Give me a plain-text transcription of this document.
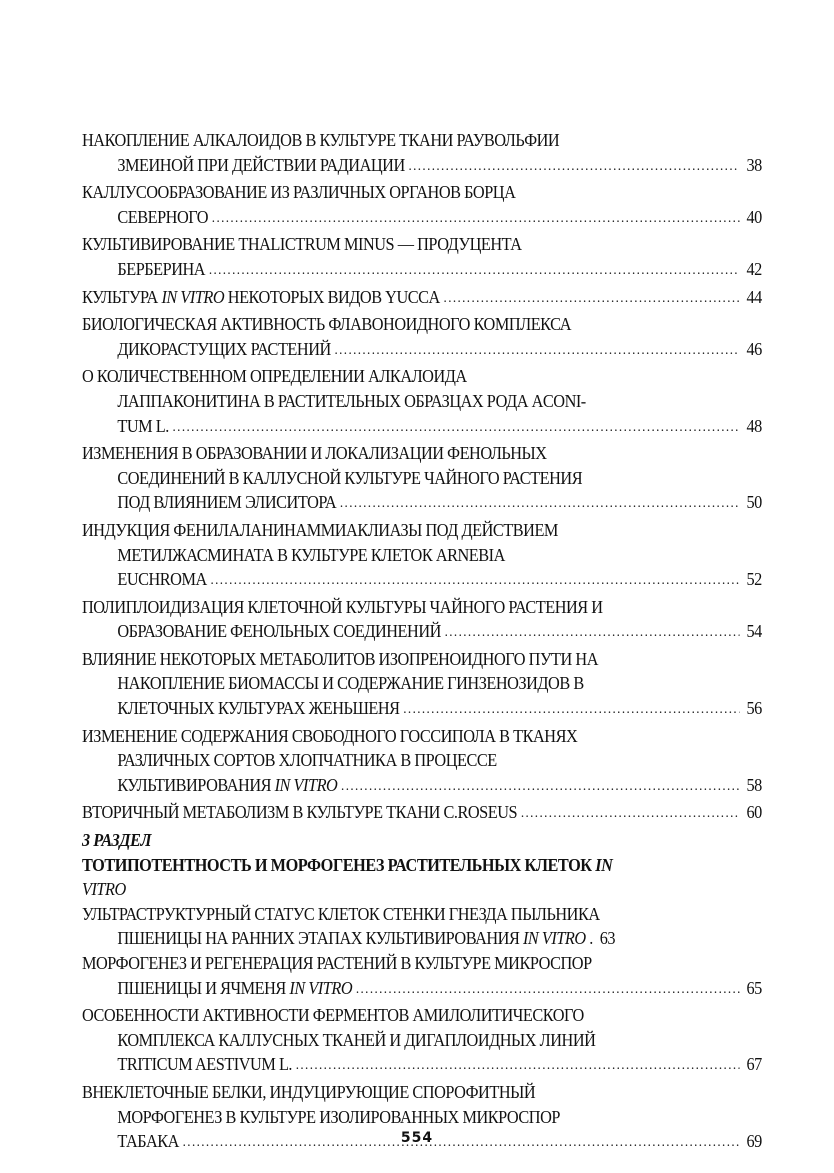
НАКОПЛЕНИЕ АЛКАЛОИДОВ В КУЛЬТУРЕ ТКАНИ РАУВОЛЬФИИ
ЗМЕИНОЙ ПРИ ДЕЙСТВИИ РАДИАЦИИ .....	38
КАЛЛУСООБРАЗОВАНИЕ ИЗ РАЗЛИЧНЫХ ОРГАНОВ БОРЦА
СЕВЕРНОГО .....	40
КУЛЬТИВИРОВАНИЕ THALICTRUM MINUS — ПРОДУЦЕНТА
БЕРБЕРИНА .....	42
КУЛЬТУРА IN VITRO НЕКОТОРЫХ ВИДОВ YUCCA .....	44
БИОЛОГИЧЕСКАЯ АКТИВНОСТЬ ФЛАВОНОИДНОГО КОМПЛЕКСА
ДИКОРАСТУЩИХ РАСТЕНИЙ .....	46
О КОЛИЧЕСТВЕННОМ ОПРЕДЕЛЕНИИ АЛКАЛОИДА
ЛАППАКОНИТИНА В РАСТИТЕЛЬНЫХ ОБРАЗЦАХ РОДА ACONI-
TUM L. .....	48
ИЗМЕНЕНИЯ В ОБРАЗОВАНИИ И ЛОКАЛИЗАЦИИ ФЕНОЛЬНЫХ
СОЕДИНЕНИЙ В КАЛЛУСНОЙ КУЛЬТУРЕ ЧАЙНОГО РАСТЕНИЯ
ПОД ВЛИЯНИЕМ ЭЛИСИТОРА .....	50
ИНДУКЦИЯ ФЕНИЛАЛАНИНАММИАКЛИАЗЫ ПОД ДЕЙСТВИЕМ
МЕТИЛЖАСМИНАТА В КУЛЬТУРЕ КЛЕТОК ARNEBIA
EUCHROMA .....	52
ПОЛИПЛОИДИЗАЦИЯ КЛЕТОЧНОЙ КУЛЬТУРЫ ЧАЙНОГО РАСТЕНИЯ И
ОБРАЗОВАНИЕ ФЕНОЛЬНЫХ СОЕДИНЕНИЙ .....	54
ВЛИЯНИЕ НЕКОТОРЫХ МЕТАБОЛИТОВ ИЗОПРЕНОИДНОГО ПУТИ НА
НАКОПЛЕНИЕ БИОМАССЫ И СОДЕРЖАНИЕ ГИНЗЕНОЗИДОВ В
КЛЕТОЧНЫХ КУЛЬТУРАХ ЖЕНЬШЕНЯ .....	56
ИЗМЕНЕНИЕ СОДЕРЖАНИЯ СВОБОДНОГО ГОССИПОЛА В ТКАНЯХ
РАЗЛИЧНЫХ СОРТОВ ХЛОПЧАТНИКА В ПРОЦЕССЕ
КУЛЬТИВИРОВАНИЯ IN VITRO .....	58
ВТОРИЧНЫЙ МЕТАБОЛИЗМ В КУЛЬТУРЕ ТКАНИ C.ROSEUS .....	60
3 РАЗДЕЛ
ТОТИПОТЕНТНОСТЬ И МОРФОГЕНЕЗ РАСТИТЕЛЬНЫХ КЛЕТОК IN
VITRO
УЛЬТРАСТРУКТУРНЫЙ СТАТУС КЛЕТОК СТЕНКИ ГНЕЗДА ПЫЛЬНИКА
ПШЕНИЦЫ НА РАННИХ ЭТАПАХ КУЛЬТИВИРОВАНИЯ IN VITRO .
63
МОРФОГЕНЕЗ И РЕГЕНЕРАЦИЯ РАСТЕНИЙ В КУЛЬТУРЕ МИКРОСПОР
ПШЕНИЦЫ И ЯЧМЕНЯ IN VITRO .....	65
ОСОБЕННОСТИ АКТИВНОСТИ ФЕРМЕНТОВ АМИЛОЛИТИЧЕСКОГО
КОМПЛЕКСА КАЛЛУСНЫХ ТКАНЕЙ И ДИГАПЛОИДНЫХ ЛИНИЙ
TRITICUM AESTIVUM L. .....	67
ВНЕКЛЕТОЧНЫЕ БЕЛКИ, ИНДУЦИРУЮЩИЕ СПОРОФИТНЫЙ
МОРФОГЕНЕЗ В КУЛЬТУРЕ ИЗОЛИРОВАННЫХ МИКРОСПОР
ТАБАКА .....	69
554
